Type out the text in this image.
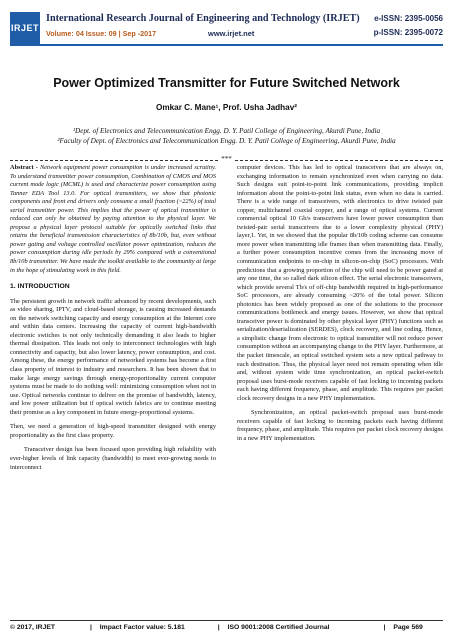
IRJET
International Research Journal of Engineering and Technology (IRJET) e-ISSN: 2395-0056
Volume: 04 Issue: 09 | Sep -2017	www.irjet.net	p-ISSN: 2395-0072
Power Optimized Transmitter for Future Switched Network
Omkar C. Mane¹, Prof. Usha Jadhav²
¹Dept. of Electronics and Telecommunication Engg. D. Y. Patil College of Engineering, Akurdi Pune, India
²Faculty of Dept. of Electronics and Telecommunication Engg. D. Y. Patil College of Engineering, Akurdi Pune, India
***

Abstract - Network equipment power consumption is under increased scrutiny. To understand transmitter power consumption, Combination of CMOS and MOS current mode logic (MCML) is used and characterize power consumption using Tanner EDA Tool 13.0. For optical transmitters, we show that photonic components and front end drivers only consume a small fraction (~22%) of total serial transmitter power. This implies that the power of optical transmitter is reduced can only be obtained by paying attention to the physical layer. We propose a physical layer protocol suitable for optically switched links that retains the beneficial transmission characteristics of 8b/10b, but, even without power gating and voltage controlled oscillator power optimization, reduces the power consumption during idle periods by 29% compared with a conventional 8b/10b transmitter. We have made the toolkit available to the community at large in the hope of stimulating work in this field.

1. INTRODUCTION

The persistent growth in network traffic advanced by recent developments, such as video sharing, IPTV, and cloud-based storage, is causing increased demands on the network switching capacity and energy consumption at the Internet core and within data centers. Increasing the capacity of current high-bandwidth electronic switches is not only technically demanding it also leads to higher thermal dissipation. This leads not only to interconnect technologies with high connectivity and capacity, but also lower latency, power consumption, and cost. Among these, the energy performance of networked systems has become a first class property of interest to industry and researchers. It has been shown that to make large energy savings through energy-proportionality current computer systems must be made to do nothing well: minimizing consumption when not in use. Optical networks continue to deliver on the promise of bandwidth, latency, and low power utilization but if optical switch fabrics are to continue meeting their promise as a key component in future energy-proportional systems.

Then, we need a generation of high-speed transmitter designed with energy proportionality as the first class property.

Transceiver design has been focused upon providing high reliability with ever-higher levels of link capacity (bandwidth) to meet ever-growing needs to interconnect

computer devices. This has led to optical transceivers that are always on, exchanging information to remain synchronized even when carrying no data. Such designs suit point-to-point link communications, providing implicit information about the point-to-point link status, even when no data is carried. There is a wide range of transceivers, with electronics to drive twisted pair copper, multichannel coaxial copper, and a range of optical systems. Current commercial optical 10 Gb/s transceivers have lower power consumption than twisted-pair serial transceivers due to a lower complexity physical (PHY) layer,1. Yet, in we showed that the popular 8b/10b coding scheme can consume more power when transmitting idle frames than when transmitting data. Finally, a further power consumption incentive comes from the increasing move of communication endpoints to on-chip in silicon-on-chip (SoC) processors. With predictions that a growing proportion of the chip will need to be power gated at any one time, the so called dark silicon effect. The serial electronic transceivers, which provide several Tb/s of off-chip bandwidth required in high-performance SoC processors, are already consuming ~20% of the total power. Silicon photonics has been widely proposed as one of the solutions to the processor communications bottleneck and energy issues. However, we show that optical transceiver power is dominated by other physical layer (PHY) functions such as serialization/deserialization (SERDES), clock recovery, and line coding. Hence, a simplistic change from electronic to optical transmitter will not reduce power consumption without an accompanying change to the PHY layer. Furthermore, at the packet timescale, an optical switched system sets a new optical pathway to each destination. Thus, the physical layer need not remain operating when idle and, without system wide time synchronization, an optical packet-switch proposal uses burst-mode receivers capable of fast locking to incoming packets each having different frequency, phase, and amplitude. This requires per packet clock recovery designs in a new PHY implementation.

Synchronization, an optical packet-switch proposal uses burst-mode receivers capable of fast locking to incoming packets each having different frequency, phase, and amplitude. This requires per packet clock recovery designs in a new PHY implementation.

© 2017, IRJET	| Impact Factor value: 5.181	| ISO 9001:2008 Certified Journal	| Page 569
